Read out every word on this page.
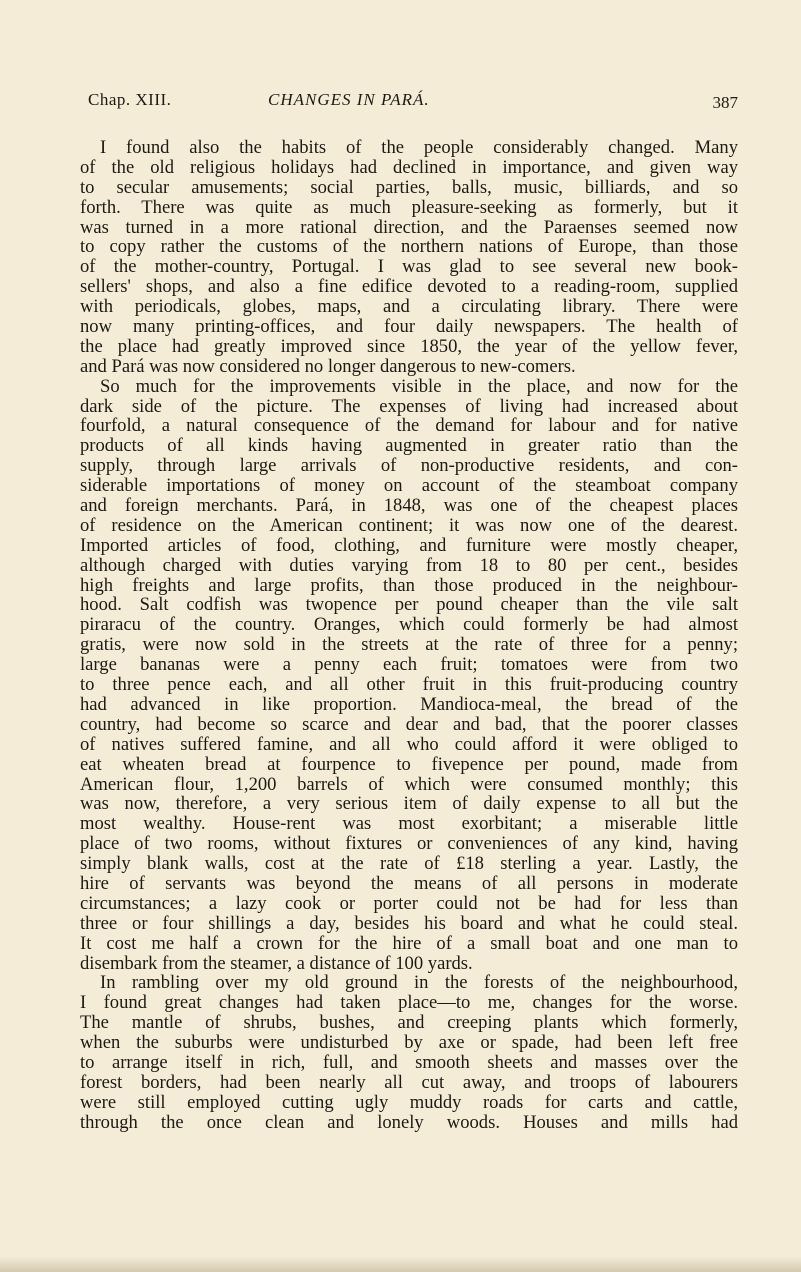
Chap. XIII.	CHANGES IN PARÁ.	387
I found also the habits of the people considerably changed. Many
of the old religious holidays had declined in importance, and given way
to secular amusements; social parties, balls, music, billiards, and so
forth. There was quite as much pleasure-seeking as formerly, but it
was turned in a more rational direction, and the Paraenses seemed now
to copy rather the customs of the northern nations of Europe, than those
of the mother-country, Portugal. I was glad to see several new book-
sellers' shops, and also a fine edifice devoted to a reading-room, supplied
with periodicals, globes, maps, and a circulating library. There were
now many printing-offices, and four daily newspapers. The health of
the place had greatly improved since 1850, the year of the yellow fever,
and Pará was now considered no longer dangerous to new-comers.
So much for the improvements visible in the place, and now for the
dark side of the picture. The expenses of living had increased about
fourfold, a natural consequence of the demand for labour and for native
products of all kinds having augmented in greater ratio than the
supply, through large arrivals of non-productive residents, and con-
siderable importations of money on account of the steamboat company
and foreign merchants. Pará, in 1848, was one of the cheapest places
of residence on the American continent; it was now one of the dearest.
Imported articles of food, clothing, and furniture were mostly cheaper,
although charged with duties varying from 18 to 80 per cent., besides
high freights and large profits, than those produced in the neighbour-
hood. Salt codfish was twopence per pound cheaper than the vile salt
piraracu of the country. Oranges, which could formerly be had almost
gratis, were now sold in the streets at the rate of three for a penny;
large bananas were a penny each fruit; tomatoes were from two
to three pence each, and all other fruit in this fruit-producing country
had advanced in like proportion. Mandioca-meal, the bread of the
country, had become so scarce and dear and bad, that the poorer classes
of natives suffered famine, and all who could afford it were obliged to
eat wheaten bread at fourpence to fivepence per pound, made from
American flour, 1,200 barrels of which were consumed monthly; this
was now, therefore, a very serious item of daily expense to all but the
most wealthy. House-rent was most exorbitant; a miserable little
place of two rooms, without fixtures or conveniences of any kind, having
simply blank walls, cost at the rate of £18 sterling a year. Lastly, the
hire of servants was beyond the means of all persons in moderate
circumstances; a lazy cook or porter could not be had for less than
three or four shillings a day, besides his board and what he could steal.
It cost me half a crown for the hire of a small boat and one man to
disembark from the steamer, a distance of 100 yards.
In rambling over my old ground in the forests of the neighbourhood,
I found great changes had taken place—to me, changes for the worse.
The mantle of shrubs, bushes, and creeping plants which formerly,
when the suburbs were undisturbed by axe or spade, had been left free
to arrange itself in rich, full, and smooth sheets and masses over the
forest borders, had been nearly all cut away, and troops of labourers
were still employed cutting ugly muddy roads for carts and cattle,
through the once clean and lonely woods. Houses and mills had
